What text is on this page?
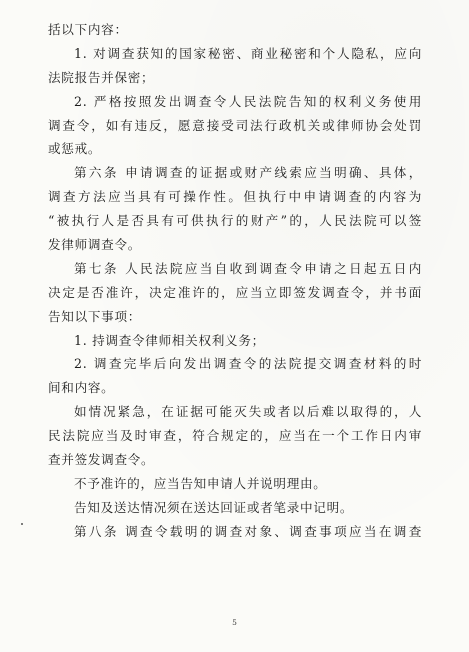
括以下内容：
1. 对调查获知的国家秘密、商业秘密和个人隐私，应向
法院报告并保密；
2. 严格按照发出调查令人民法院告知的权利义务使用
调查令，如有违反，愿意接受司法行政机关或律师协会处罚
或惩戒。
第六条 申请调查的证据或财产线索应当明确、具体，
调查方法应当具有可操作性。但执行中申请调查的内容为
“被执行人是否具有可供执行的财产”的，人民法院可以签
发律师调查令。
第七条 人民法院应当自收到调查令申请之日起五日内
决定是否准许，决定准许的，应当立即签发调查令，并书面
告知以下事项：
1. 持调查令律师相关权利义务；
2. 调查完毕后向发出调查令的法院提交调查材料的时
间和内容。
如情况紧急，在证据可能灭失或者以后难以取得的，人
民法院应当及时审查，符合规定的，应当在一个工作日内审
查并签发调查令。
不予准许的，应当告知申请人并说明理由。
告知及送达情况须在送达回证或者笔录中记明。
第八条 调查令载明的调查对象、调查事项应当在调查
5
